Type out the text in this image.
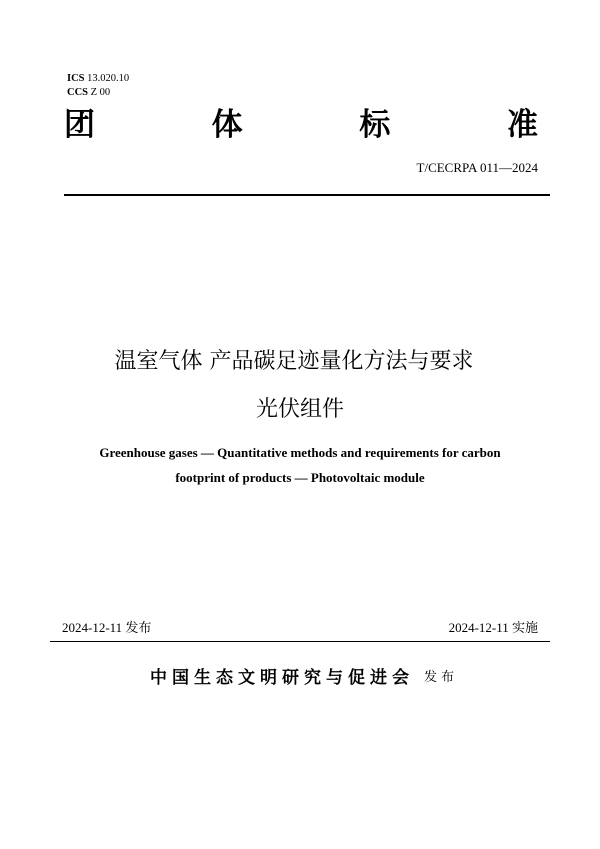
ICS 13.020.10
CCS Z 00
团	体	标	准
T/CECRPA 011—2024
温室气体 产品碳足迹量化方法与要求
光伏组件
Greenhouse gases — Quantitative methods and requirements for carbon
footprint of products — Photovoltaic module
2024-12-11 发布	2024-12-11 实施
中国生态文明研究与促进会 发布
